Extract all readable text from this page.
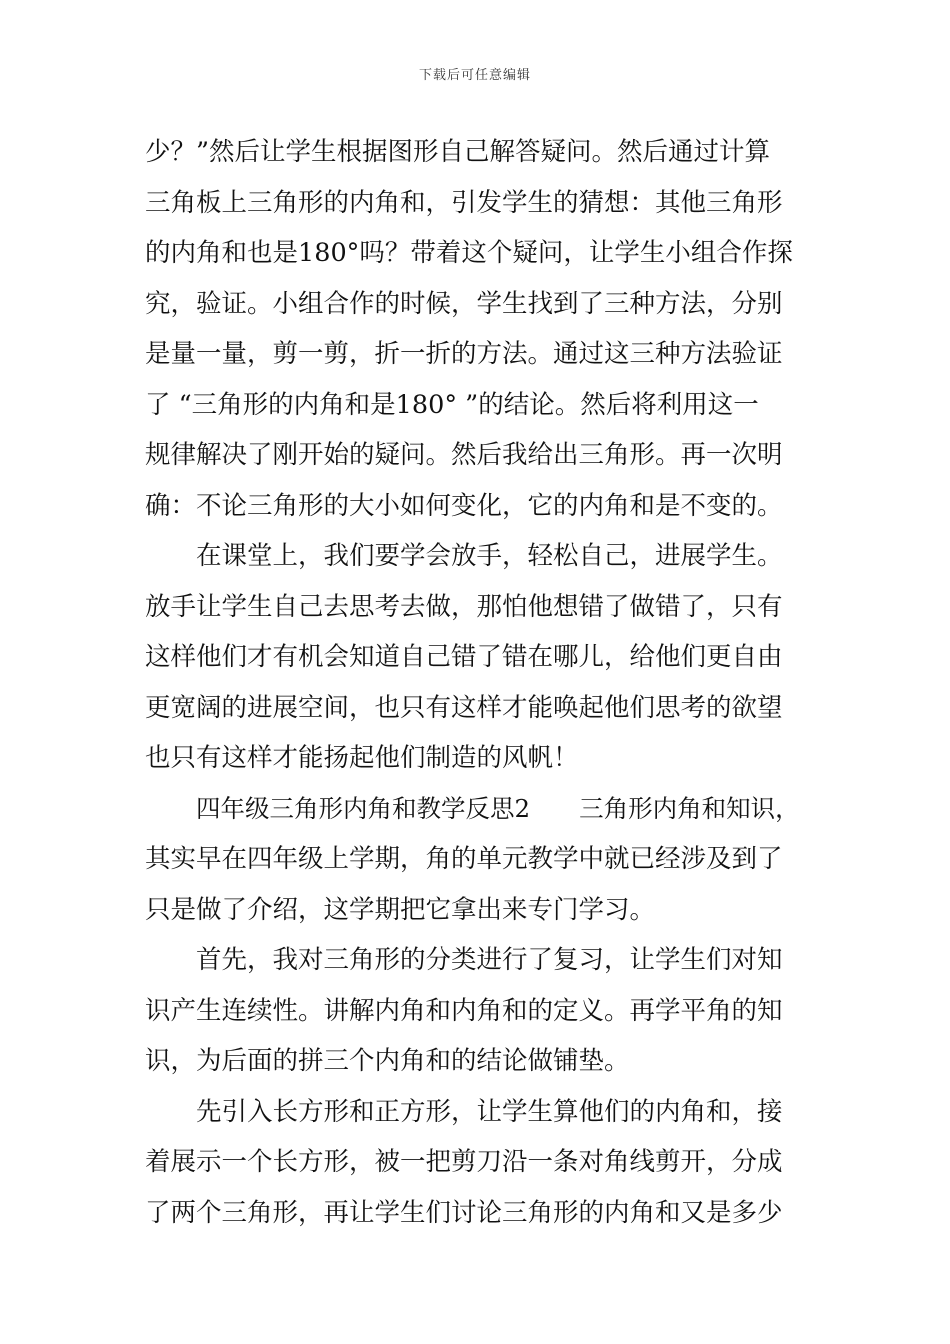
下载后可任意编辑
少？”然后让学生根据图形自己解答疑问。然后通过计算
三角板上三角形的内角和，引发学生的猜想：其他三角形
的内角和也是180°吗？带着这个疑问，让学生小组合作探
究，验证。小组合作的时候，学生找到了三种方法，分别
是量一量，剪一剪，折一折的方法。通过这三种方法验证
了 “三角形的内角和是180° ”的结论。然后将利用这一
规律解决了刚开始的疑问。然后我给出三角形。再一次明
确：不论三角形的大小如何变化，它的内角和是不变的。
在课堂上，我们要学会放手，轻松自己，进展学生。
放手让学生自己去思考去做，那怕他想错了做错了，只有
这样他们才有机会知道自己错了错在哪儿，给他们更自由
更宽阔的进展空间，也只有这样才能唤起他们思考的欲望
也只有这样才能扬起他们制造的风帆！
四年级三角形内角和教学反思2　　三角形内角和知识，
其实早在四年级上学期，角的单元教学中就已经涉及到了
只是做了介绍，这学期把它拿出来专门学习。
首先，我对三角形的分类进行了复习，让学生们对知
识产生连续性。讲解内角和内角和的定义。再学平角的知
识，为后面的拼三个内角和的结论做铺垫。
先引入长方形和正方形，让学生算他们的内角和，接
着展示一个长方形，被一把剪刀沿一条对角线剪开，分成
了两个三角形，再让学生们讨论三角形的内角和又是多少
